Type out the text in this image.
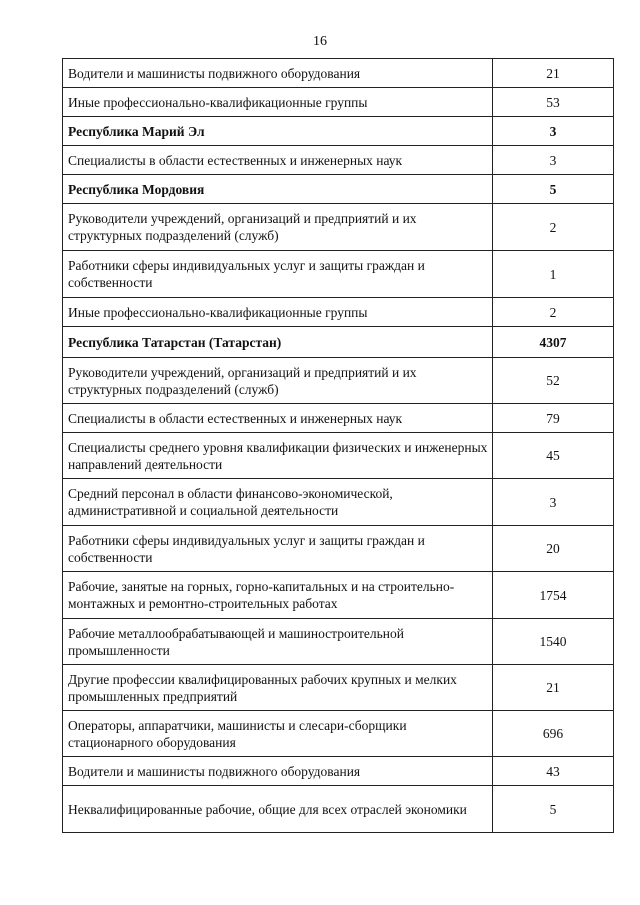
16
Водители и машинисты подвижного оборудования	21
Иные профессионально-квалификационные группы	53
Республика Марий Эл	3
Специалисты в области естественных и инженерных наук	3
Республика Мордовия	5
Руководители учреждений, организаций и предприятий и их структурных подразделений (служб)	2
Работники сферы индивидуальных услуг и защиты граждан и собственности	1
Иные профессионально-квалификационные группы	2
Республика Татарстан (Татарстан)	4307
Руководители учреждений, организаций и предприятий и их структурных подразделений (служб)	52
Специалисты в области естественных и инженерных наук	79
Специалисты среднего уровня квалификации физических и инженерных направлений деятельности	45
Средний персонал в области финансово-экономической, административной и социальной деятельности	3
Работники сферы индивидуальных услуг и защиты граждан и собственности	20
Рабочие, занятые на горных, горно-капитальных и на строительно-монтажных и ремонтно-строительных работах	1754
Рабочие металлообрабатывающей и машиностроительной промышленности	1540
Другие профессии квалифицированных рабочих крупных и мелких промышленных предприятий	21
Операторы, аппаратчики, машинисты и слесари-сборщики стационарного оборудования	696
Водители и машинисты подвижного оборудования	43
Неквалифицированные рабочие, общие для всех отраслей экономики	5
